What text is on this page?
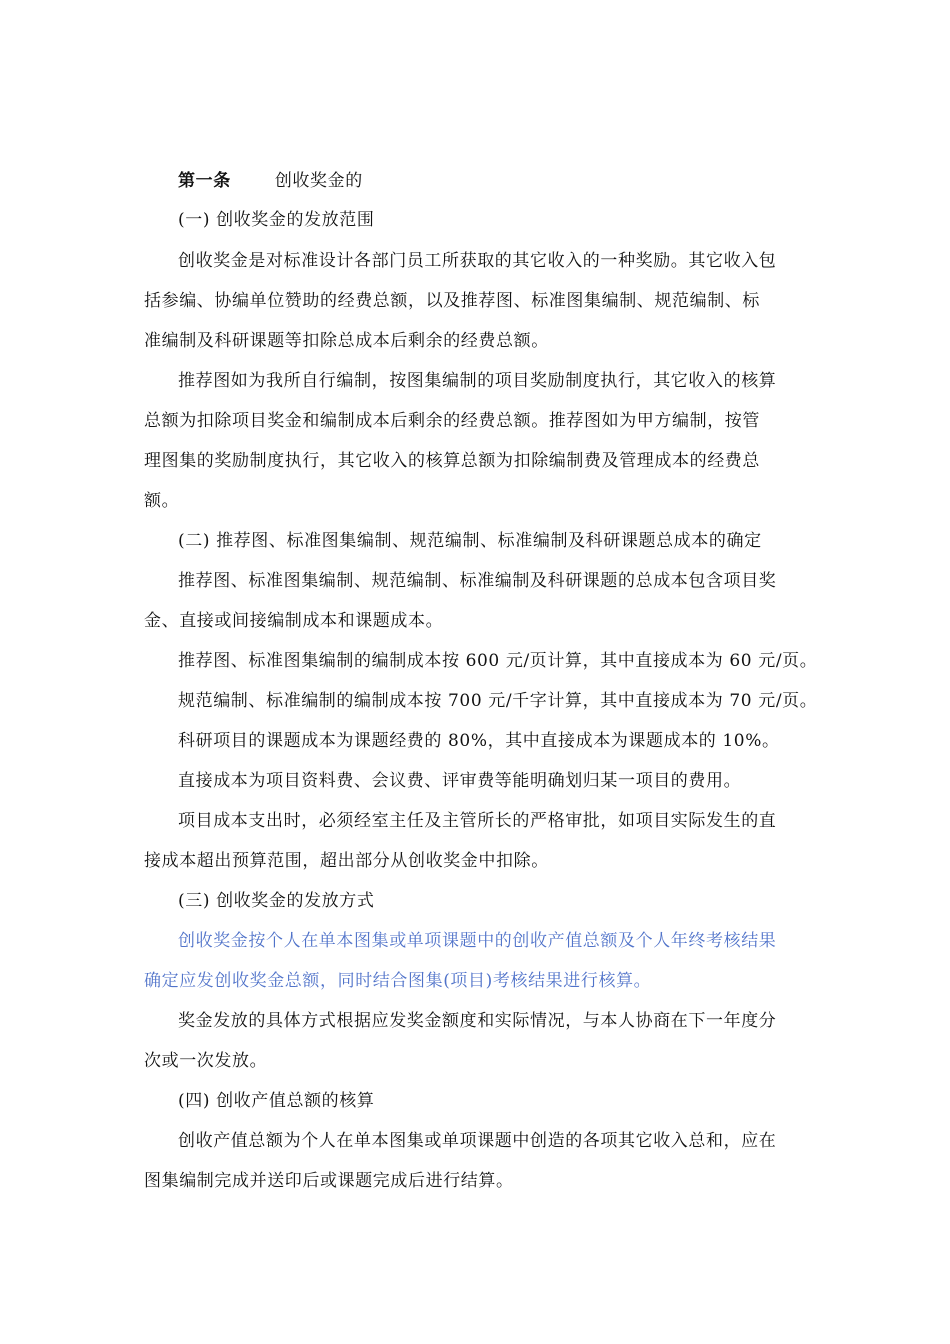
第一条	创收奖金的
(一) 创收奖金的发放范围
创收奖金是对标准设计各部门员工所获取的其它收入的一种奖励。其它收入包
括参编、协编单位赞助的经费总额，以及推荐图、标准图集编制、规范编制、标
准编制及科研课题等扣除总成本后剩余的经费总额。
推荐图如为我所自行编制，按图集编制的项目奖励制度执行，其它收入的核算
总额为扣除项目奖金和编制成本后剩余的经费总额。推荐图如为甲方编制，按管
理图集的奖励制度执行，其它收入的核算总额为扣除编制费及管理成本的经费总
额。
(二) 推荐图、标准图集编制、规范编制、标准编制及科研课题总成本的确定
推荐图、标准图集编制、规范编制、标准编制及科研课题的总成本包含项目奖
金、直接或间接编制成本和课题成本。
推荐图、标准图集编制的编制成本按 600 元/页计算，其中直接成本为 60 元/页。
规范编制、标准编制的编制成本按 700 元/千字计算，其中直接成本为 70 元/页。
科研项目的课题成本为课题经费的 80%，其中直接成本为课题成本的 10%。
直接成本为项目资料费、会议费、评审费等能明确划归某一项目的费用。
项目成本支出时，必须经室主任及主管所长的严格审批，如项目实际发生的直
接成本超出预算范围，超出部分从创收奖金中扣除。
(三) 创收奖金的发放方式
创收奖金按个人在单本图集或单项课题中的创收产值总额及个人年终考核结果
确定应发创收奖金总额，同时结合图集(项目)考核结果进行核算。
奖金发放的具体方式根据应发奖金额度和实际情况，与本人协商在下一年度分
次或一次发放。
(四) 创收产值总额的核算
创收产值总额为个人在单本图集或单项课题中创造的各项其它收入总和，应在
图集编制完成并送印后或课题完成后进行结算。
